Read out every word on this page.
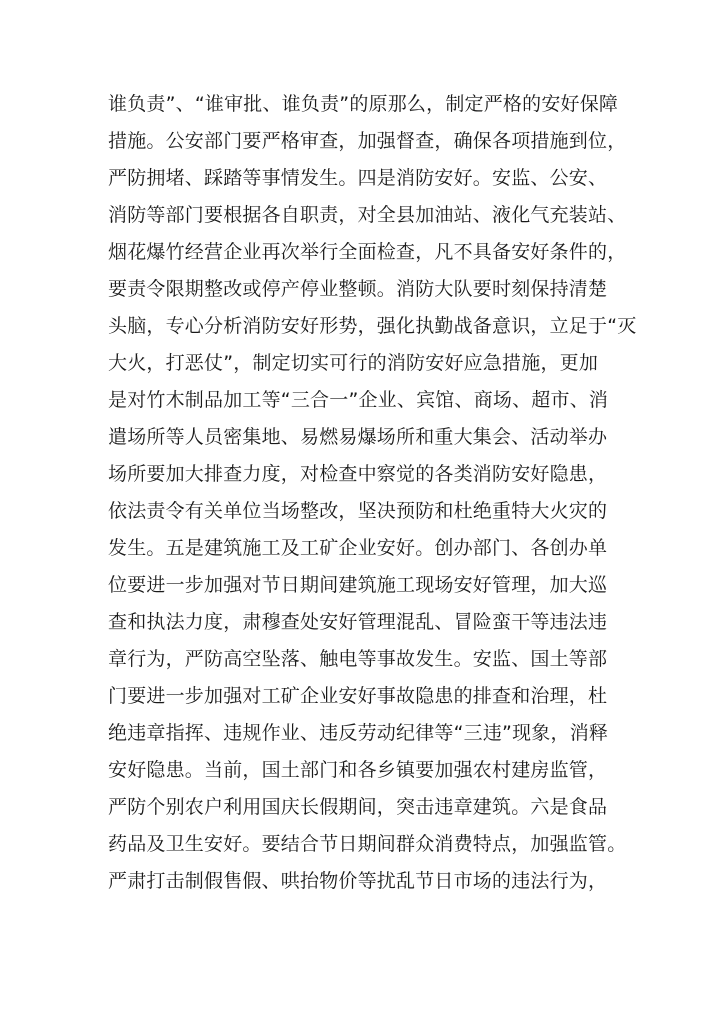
谁负责”、“谁审批、谁负责”的原那么，制定严格的安好保障
措施。公安部门要严格审查，加强督查，确保各项措施到位，
严防拥堵、踩踏等事情发生。四是消防安好。安监、公安、
消防等部门要根据各自职责，对全县加油站、液化气充装站、
烟花爆竹经营企业再次举行全面检查，凡不具备安好条件的，
要责令限期整改或停产停业整顿。消防大队要时刻保持清楚
头脑，专心分析消防安好形势，强化执勤战备意识，立足于“灭
大火，打恶仗”，制定切实可行的消防安好应急措施，更加
是对竹木制品加工等“三合一”企业、宾馆、商场、超市、消
遣场所等人员密集地、易燃易爆场所和重大集会、活动举办
场所要加大排查力度，对检查中察觉的各类消防安好隐患，
依法责令有关单位当场整改，坚决预防和杜绝重特大火灾的
发生。五是建筑施工及工矿企业安好。创办部门、各创办单
位要进一步加强对节日期间建筑施工现场安好管理，加大巡
查和执法力度，肃穆查处安好管理混乱、冒险蛮干等违法违
章行为，严防高空坠落、触电等事故发生。安监、国土等部
门要进一步加强对工矿企业安好事故隐患的排查和治理，杜
绝违章指挥、违规作业、违反劳动纪律等“三违”现象，消释
安好隐患。当前，国土部门和各乡镇要加强农村建房监管，
严防个别农户利用国庆长假期间，突击违章建筑。六是食品
药品及卫生安好。要结合节日期间群众消费特点，加强监管。
严肃打击制假售假、哄抬物价等扰乱节日市场的违法行为，
